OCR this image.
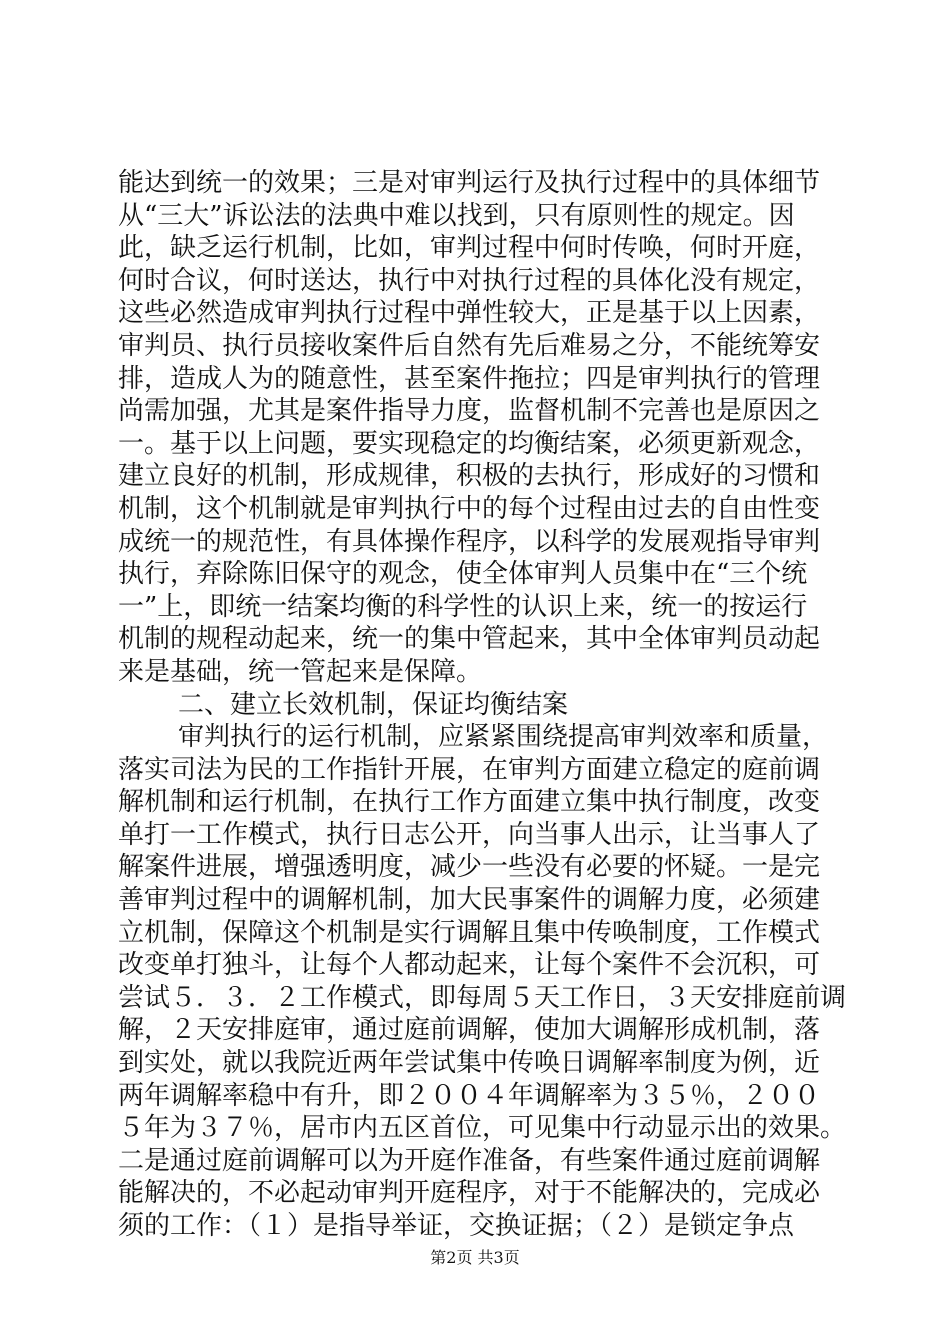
能达到统一的效果；三是对审判运行及执行过程中的具体细节
从“三大”诉讼法的法典中难以找到，只有原则性的规定。因
此，缺乏运行机制，比如，审判过程中何时传唤，何时开庭，
何时合议，何时送达，执行中对执行过程的具体化没有规定，
这些必然造成审判执行过程中弹性较大，正是基于以上因素，
审判员、执行员接收案件后自然有先后难易之分，不能统筹安
排，造成人为的随意性，甚至案件拖拉；四是审判执行的管理
尚需加强，尤其是案件指导力度，监督机制不完善也是原因之
一。基于以上问题，要实现稳定的均衡结案，必须更新观念，
建立良好的机制，形成规律，积极的去执行，形成好的习惯和
机制，这个机制就是审判执行中的每个过程由过去的自由性变
成统一的规范性，有具体操作程序，以科学的发展观指导审判
执行，弃除陈旧保守的观念，使全体审判人员集中在“三个统
一”上，即统一结案均衡的科学性的认识上来，统一的按运行
机制的规程动起来，统一的集中管起来，其中全体审判员动起
来是基础，统一管起来是保障。
二、建立长效机制，保证均衡结案
审判执行的运行机制，应紧紧围绕提高审判效率和质量，
落实司法为民的工作指针开展，在审判方面建立稳定的庭前调
解机制和运行机制，在执行工作方面建立集中执行制度，改变
单打一工作模式，执行日志公开，向当事人出示，让当事人了
解案件进展，增强透明度，减少一些没有必要的怀疑。一是完
善审判过程中的调解机制，加大民事案件的调解力度，必须建
立机制，保障这个机制是实行调解且集中传唤制度，工作模式
改变单打独斗，让每个人都动起来，让每个案件不会沉积，可
尝试５．３．２工作模式，即每周５天工作日，３天安排庭前调
解，２天安排庭审，通过庭前调解，使加大调解形成机制，落
到实处，就以我院近两年尝试集中传唤日调解率制度为例，近
两年调解率稳中有升，即２００４年调解率为３５％，２００
５年为３７％，居市内五区首位，可见集中行动显示出的效果。
二是通过庭前调解可以为开庭作准备，有些案件通过庭前调解
能解决的，不必起动审判开庭程序，对于不能解决的，完成必
须的工作：（１）是指导举证，交换证据；（２）是锁定争点
第2页 共3页
